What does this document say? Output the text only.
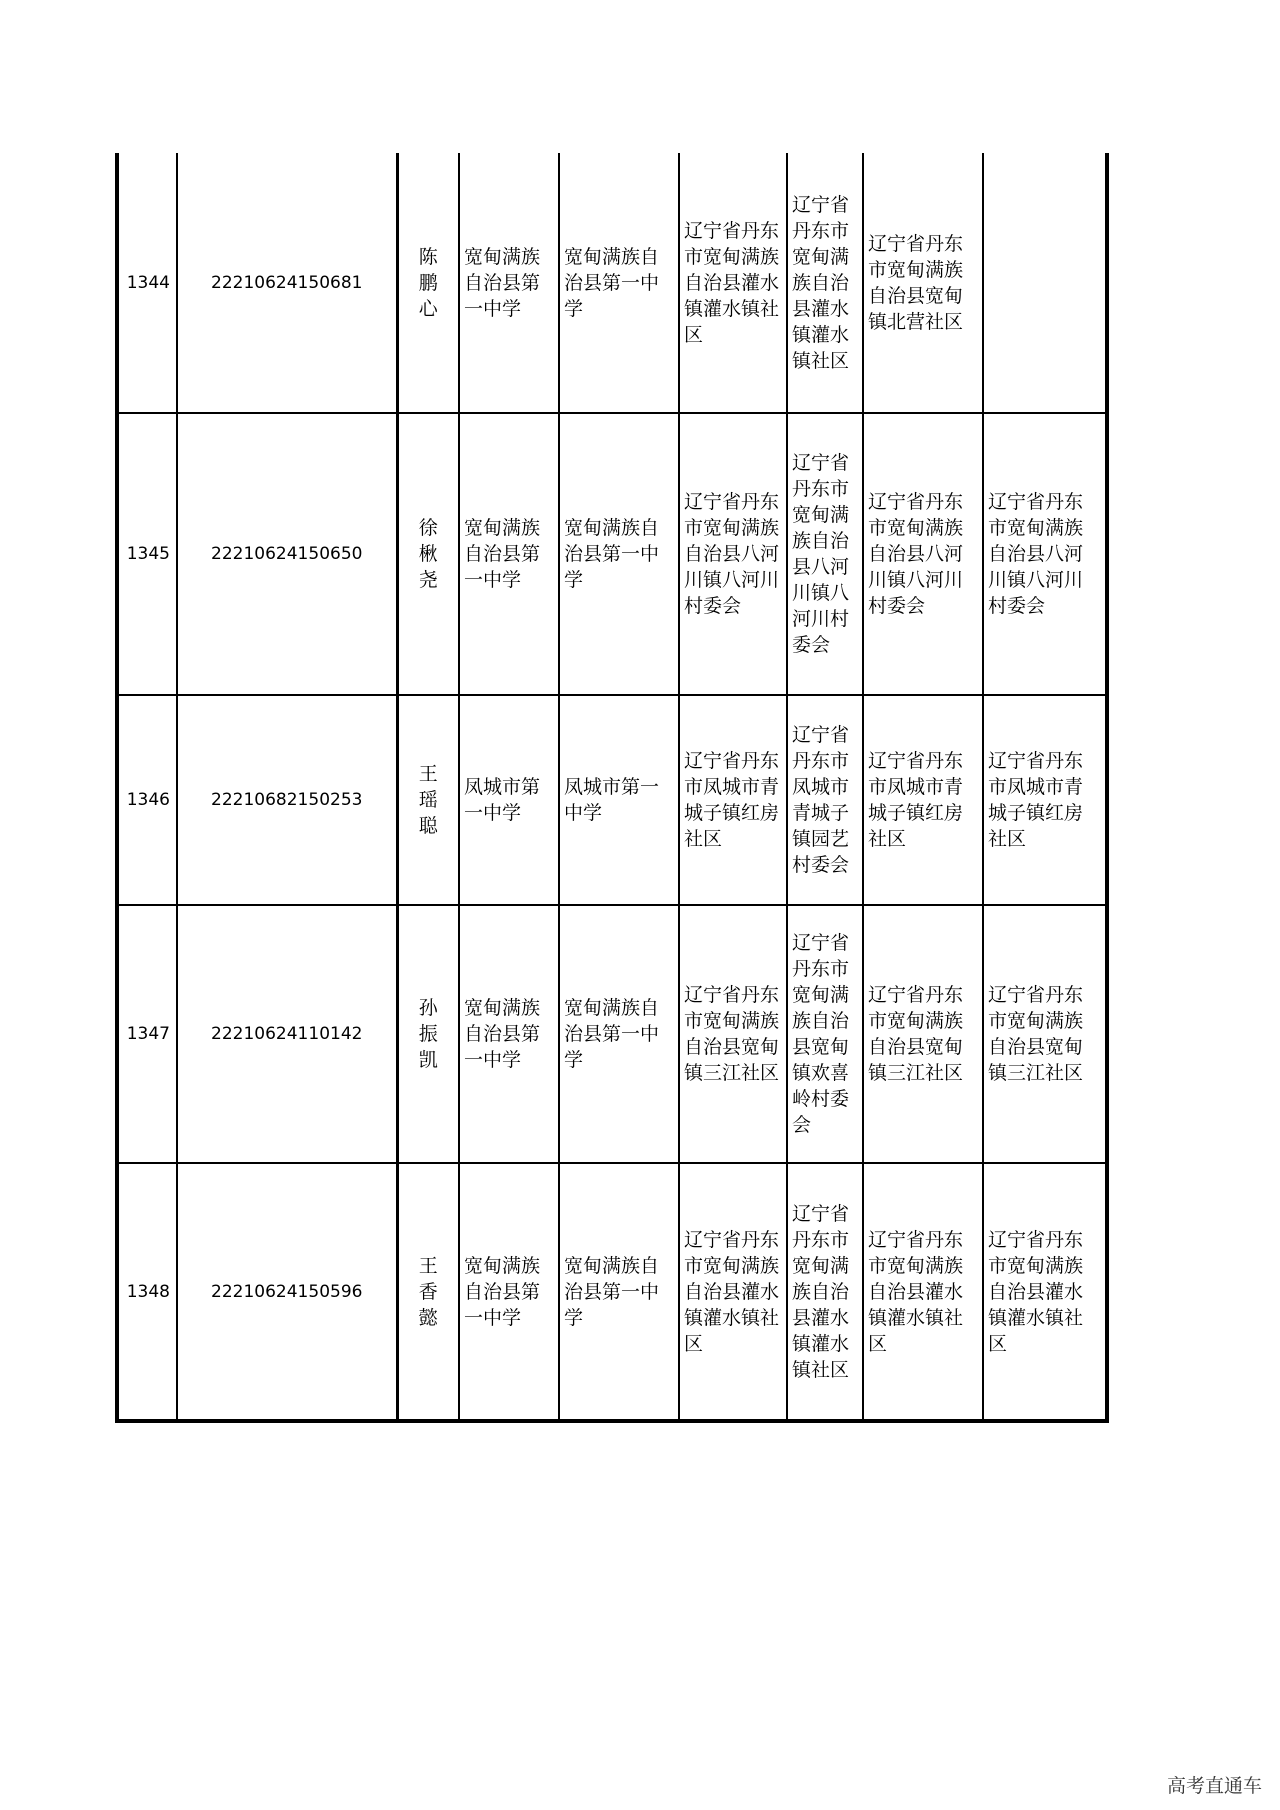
1344	22210624150681	陈鹏心	宽甸满族自治县第一中学	宽甸满族自治县第一中学	辽宁省丹东市宽甸满族自治县灌水镇灌水镇社区	辽宁省丹东市宽甸满族自治县灌水镇灌水镇社区	辽宁省丹东市宽甸满族自治县宽甸镇北营社区	
1345	22210624150650	徐楸尧	宽甸满族自治县第一中学	宽甸满族自治县第一中学	辽宁省丹东市宽甸满族自治县八河川镇八河川村委会	辽宁省丹东市宽甸满族自治县八河川镇八河川村委会	辽宁省丹东市宽甸满族自治县八河川镇八河川村委会	辽宁省丹东市宽甸满族自治县八河川镇八河川村委会
1346	22210682150253	王瑶聪	凤城市第一中学	凤城市第一中学	辽宁省丹东市凤城市青城子镇红房社区	辽宁省丹东市凤城市青城子镇园艺村委会	辽宁省丹东市凤城市青城子镇红房社区	辽宁省丹东市凤城市青城子镇红房社区
1347	22210624110142	孙振凯	宽甸满族自治县第一中学	宽甸满族自治县第一中学	辽宁省丹东市宽甸满族自治县宽甸镇三江社区	辽宁省丹东市宽甸满族自治县宽甸镇欢喜岭村委会	辽宁省丹东市宽甸满族自治县宽甸镇三江社区	辽宁省丹东市宽甸满族自治县宽甸镇三江社区
1348	22210624150596	王香懿	宽甸满族自治县第一中学	宽甸满族自治县第一中学	辽宁省丹东市宽甸满族自治县灌水镇灌水镇社区	辽宁省丹东市宽甸满族自治县灌水镇灌水镇社区	辽宁省丹东市宽甸满族自治县灌水镇灌水镇社区	辽宁省丹东市宽甸满族自治县灌水镇灌水镇社区
高考直通车
